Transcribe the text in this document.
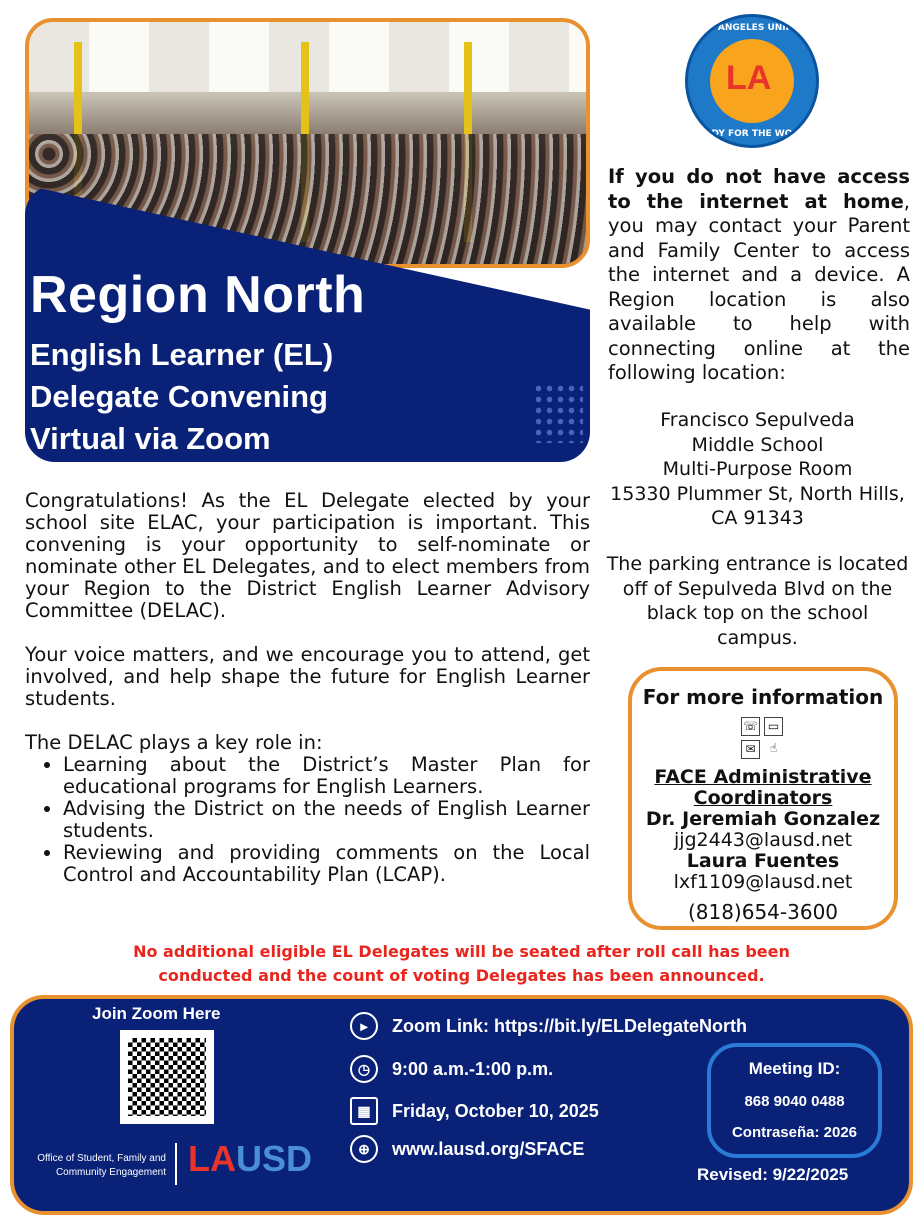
Region North
English Learner (EL)
Delegate Convening
Virtual via Zoom
LOS ANGELES UNIFIED
LA
READY FOR THE WORLD

Congratulations! As the EL Delegate elected by your school site ELAC, your participation is important. This convening is your opportunity to self-nominate or nominate other EL Delegates, and to elect members from your Region to the District English Learner Advisory Committee (DELAC).

Your voice matters, and we encourage you to attend, get involved, and help shape the future for English Learner students.

The DELAC plays a key role in:
• Learning about the District’s Master Plan for educational programs for English Learners.
• Advising the District on the needs of English Learner students.
• Reviewing and providing comments on the Local Control and Accountability Plan (LCAP).
If you do not have access to the internet at home, you may contact your Parent and Family Center to access the internet and a device. A Region location is also available to help with connecting online at the following location:
Francisco Sepulveda
Middle School
Multi-Purpose Room
15330 Plummer St, North Hills,
CA 91343
The parking entrance is located off of Sepulveda Blvd on the black top on the school campus.
For more information
☏ ▭
✉	☝
FACE Administrative Coordinators
Dr. Jeremiah Gonzalez
jjg2443@lausd.net
Laura Fuentes
lxf1109@lausd.net
(818)654-3600
No additional eligible EL Delegates will be seated after roll call has been
conducted and the count of voting Delegates has been announced.
Join Zoom Here
Office of Student, Family and
Community Engagement LAUSD
▸	Zoom Link: https://bit.ly/ELDelegateNorth
◷	9:00 a.m.-1:00 p.m.
▦	Friday, October 10, 2025
⊕	www.lausd.org/SFACE
Meeting ID:
868 9040 0488
Contraseña: 2026
Revised: 9/22/2025
